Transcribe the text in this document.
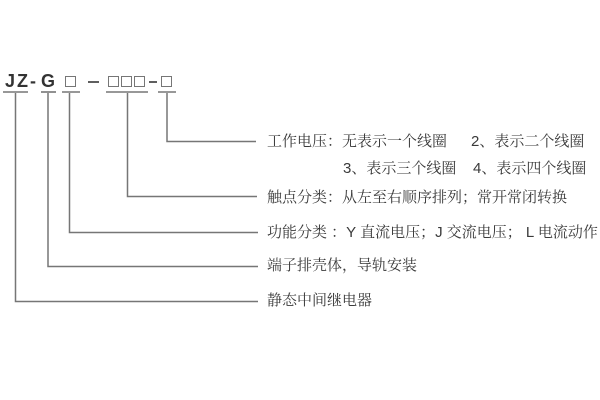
JZ - G
工作电压：无表示一个线圈 2、表示二个线圈
3、表示三个线圈 4、表示四个线圈
触点分类：从左至右顺序排列；常开常闭转换
功能分类 ：Y 直流电压；J 交流电压； L 电流动作
端子排壳体，导轨安装
静态中间继电器
